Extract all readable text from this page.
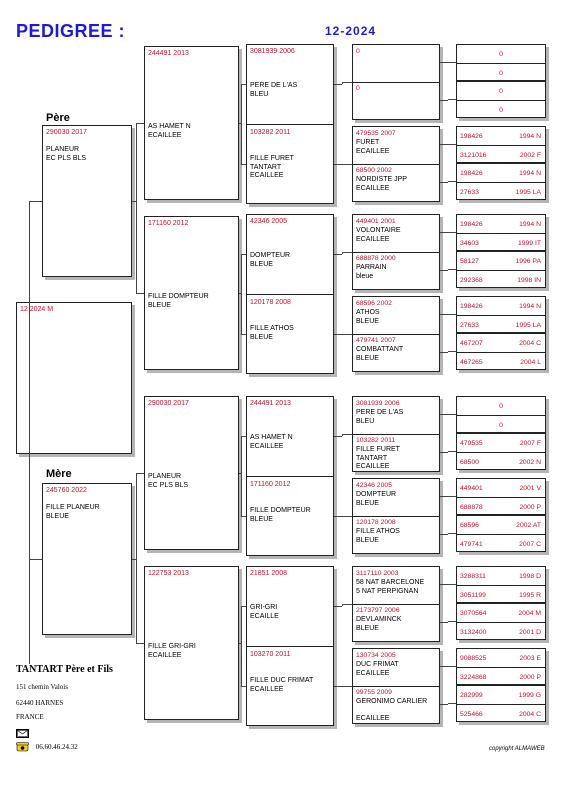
PEDIGREE :	12-2024
Père
Mère
12 2024 M
290030 2017
PLANEUR
EC PLS BLS
245760 2022
FILLE PLANEUR
BLEUE
244491 2013
AS HAMET N
ECAILLEE
171160 2012
FILLE DOMPTEUR
BLEUE
290030 2017
PLANEUR
EC PLS BLS
122753 2013
FILLE GRI-GRI
ECAILLEE
3081939 2006
PERE DE L'AS
BLEU
103282 2011
FILLE FURET
TANTART
ECAILLEE
42346 2005
DOMPTEUR
BLEUE
120178 2008
FILLE ATHOS
BLEUE
244491 2013
AS HAMET N
ECAILLEE
171160 2012
FILLE DOMPTEUR
BLEUE
21851 2008
GRI-GRI
ECAILLE
103270 2011
FILLE DUC FRIMAT
ECAILLEE
0
0
479535 2007
FURET
ECAILLEE
68500 2002
NORDISTE JPP
ECAILLEE
449401 2001
VOLONTAIRE
ECAILLEE
688878 2000
PARRAIN
bleue
68596 2002
ATHOS
BLEUE
479741 2007
COMBATTANT
BLEUE
3081939 2006
PERE DE L'AS
BLEU
103282 2011
FILLE FURET
TANTART
ECAILLEE
42346 2005
DOMPTEUR
BLEUE
120178 2008
FILLE ATHOS
BLEUE
3117110 2003
58 NAT BARCELONE
5 NAT PERPIGNAN
2173797 2006
DEVLAMINCK
BLEUE
130734 2005
DUC FRIMAT
ECAILLEE
99755 2009
GERONIMO CARLIER
ECAILLEE
0
0
0
0
198426	1994 N
3121016	2002 F
198426	1994 N
27633	1995 LA
198426	1994 N
34603	1999 IT
58127	1996 PA
292368	1998 IN
198426	1994 N
27633	1995 LA
467207	2004 C
467265	2004 L
0
0
479535	2007 F
68500	2002 N
449401	2001 V
688878	2000 P
68596	2002 AT
479741	2007 C
3288311	1998 D
3051199	1995 R
3070564	2004 M
3132400	2001 D
9088525	2003 E
3224868	2000 P
282999	1999 G
525466	2004 C
TANTART Père et Fils
151 chemin Valois
62440 HARNES
FRANCE
06.60.46.24.32	copyright ALMAWEB
